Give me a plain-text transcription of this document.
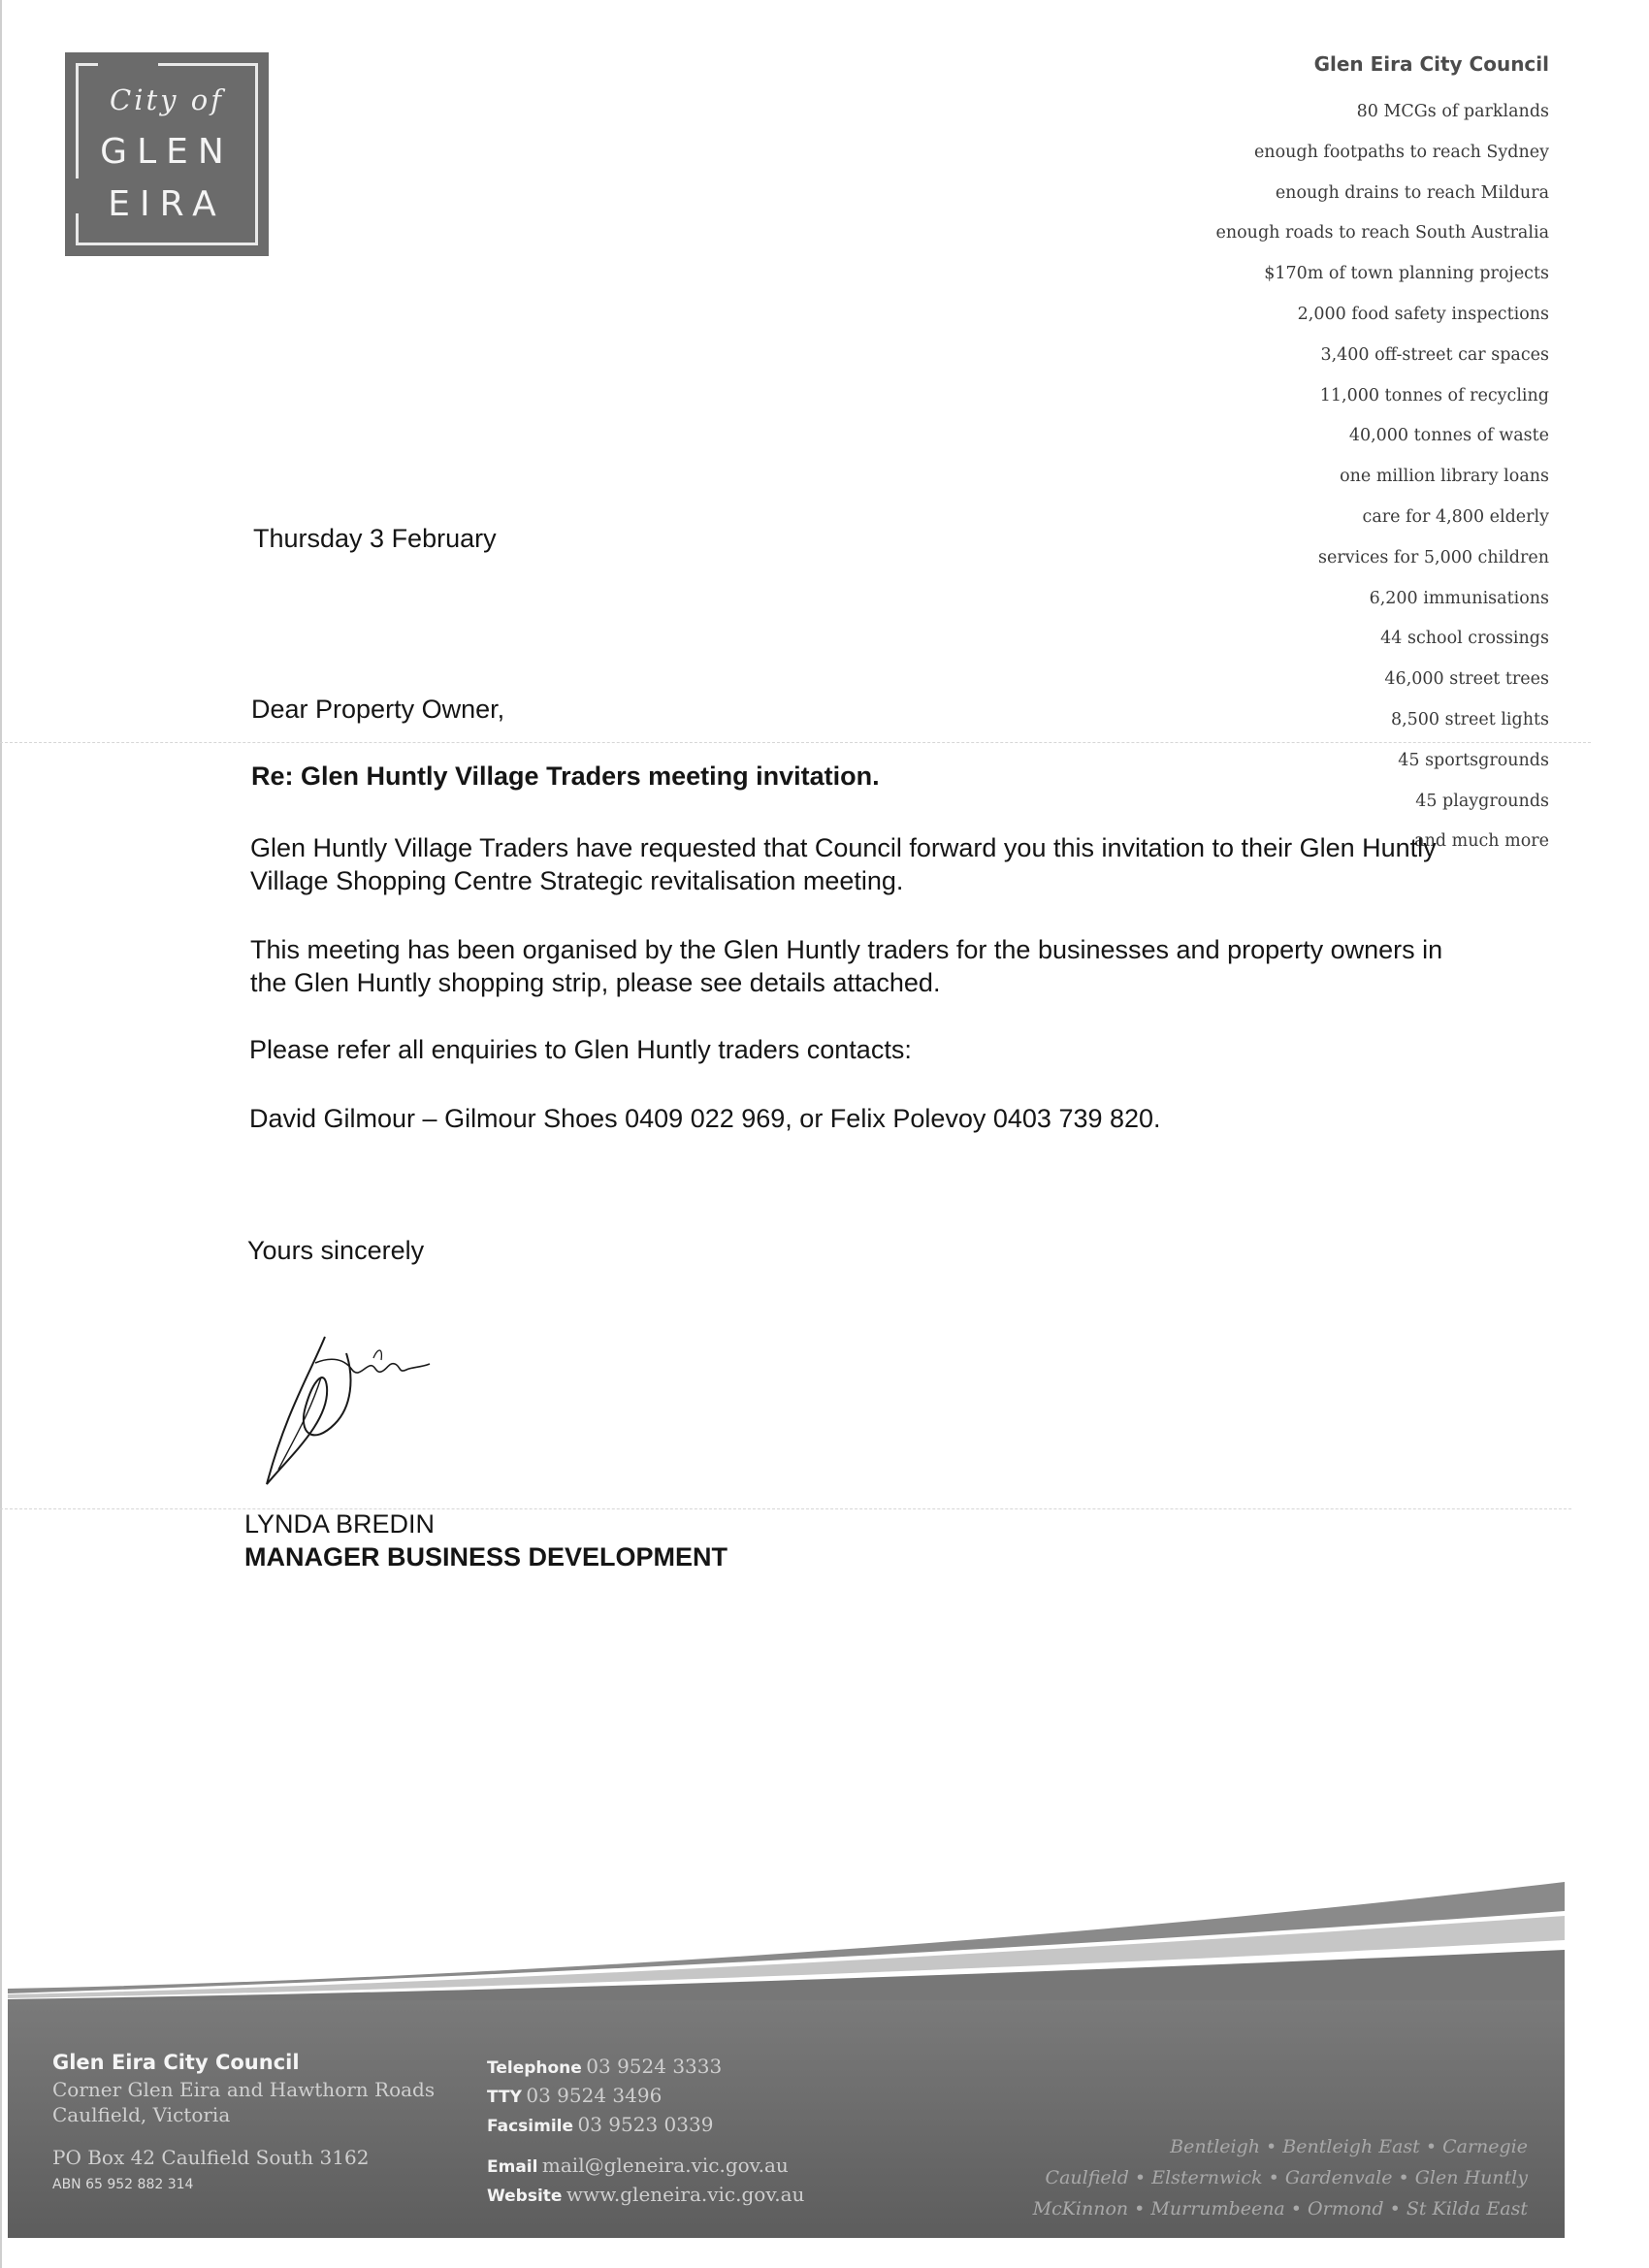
City of
GLEN
EIRA
Glen Eira City Council
80 MCGs of parklands
enough footpaths to reach Sydney
enough drains to reach Mildura
enough roads to reach South Australia
$170m of town planning projects
2,000 food safety inspections
3,400 off-street car spaces
11,000 tonnes of recycling
40,000 tonnes of waste
one million library loans
care for 4,800 elderly
services for 5,000 children
6,200 immunisations
44 school crossings
46,000 street trees
8,500 street lights
45 sportsgrounds
45 playgrounds
and much more
Thursday 3 February
Dear Property Owner,
Re: Glen Huntly Village Traders meeting invitation.
Glen Huntly Village Traders have requested that Council forward you this invitation to their Glen Huntly Village Shopping Centre Strategic revitalisation meeting.
This meeting has been organised by the Glen Huntly traders for the businesses and property owners in the Glen Huntly shopping strip, please see details attached.
Please refer all enquiries to Glen Huntly traders contacts:
David Gilmour – Gilmour Shoes 0409 022 969, or Felix Polevoy 0403 739 820.
Yours sincerely
LYNDA BREDIN
MANAGER BUSINESS DEVELOPMENT
Glen Eira City Council
Corner Glen Eira and Hawthorn Roads
Caulfield, Victoria
PO Box 42 Caulfield South 3162
ABN 65 952 882 314
Telephone 03 9524 3333
TTY 03 9524 3496
Facsimile 03 9523 0339
Email mail@gleneira.vic.gov.au
Website www.gleneira.vic.gov.au
Bentleigh • Bentleigh East • Carnegie
Caulfield • Elsternwick • Gardenvale • Glen Huntly
McKinnon • Murrumbeena • Ormond • St Kilda East
